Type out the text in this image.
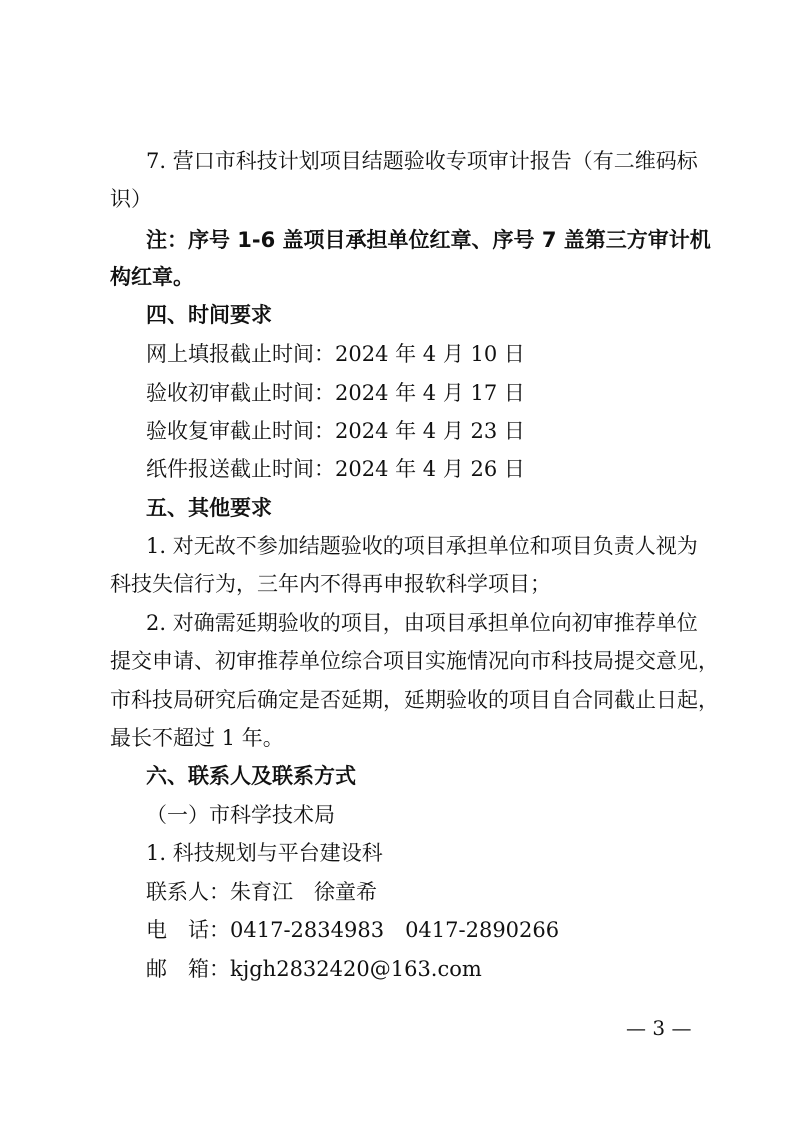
7. 营口市科技计划项目结题验收专项审计报告（有二维码标
识）
注：序号 1-6 盖项目承担单位红章、序号 7 盖第三方审计机
构红章。
四、时间要求
网上填报截止时间：2024 年 4 月 10 日
验收初审截止时间：2024 年 4 月 17 日
验收复审截止时间：2024 年 4 月 23 日
纸件报送截止时间：2024 年 4 月 26 日
五、其他要求
1. 对无故不参加结题验收的项目承担单位和项目负责人视为
科技失信行为，三年内不得再申报软科学项目；
2. 对确需延期验收的项目，由项目承担单位向初审推荐单位
提交申请、初审推荐单位综合项目实施情况向市科技局提交意见，
市科技局研究后确定是否延期，延期验收的项目自合同截止日起，
最长不超过 1 年。
六、联系人及联系方式
（一）市科学技术局
1. 科技规划与平台建设科
联系人：朱育江　徐童希
电　话：0417-2834983　0417-2890266
邮　箱：kjgh2832420@163.com
— 3 —
